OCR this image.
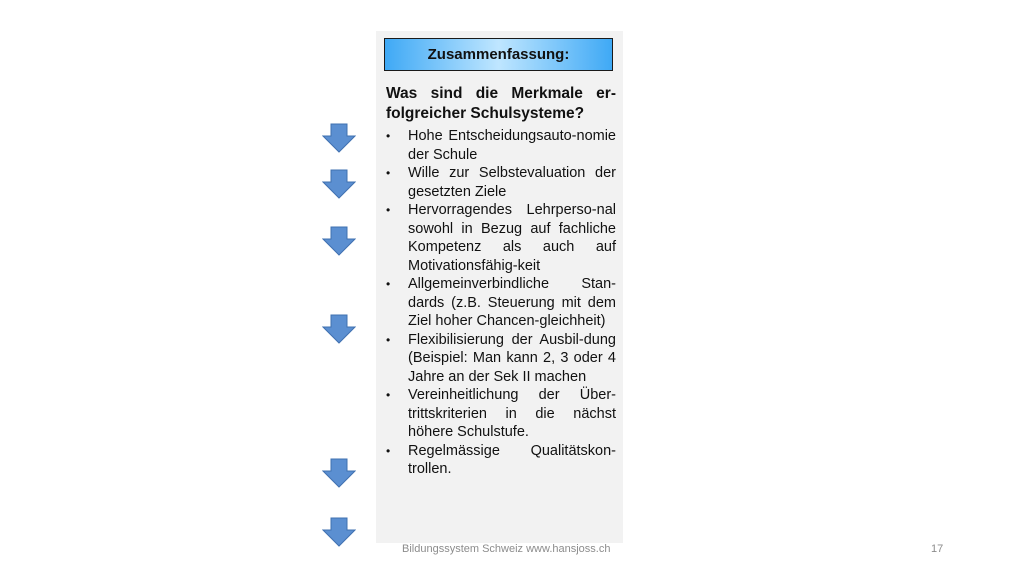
Zusammenfassung:
Was sind die Merkmale er-folgreicher Schulsysteme?
•	Hohe Entscheidungsauto-nomie der Schule
•	Wille zur Selbstevaluation der gesetzten Ziele
•	Hervorragendes Lehrperso-nal sowohl in Bezug auf fachliche Kompetenz als auch auf Motivationsfähig-keit
•	Allgemeinverbindliche Stan-dards (z.B. Steuerung mit dem Ziel hoher Chancen-gleichheit)
•	Flexibilisierung der Ausbil-dung (Beispiel: Man kann 2, 3 oder 4 Jahre an der Sek II machen
•	Vereinheitlichung der Über-trittskriterien in die nächst höhere Schulstufe.
•	Regelmässige Qualitätskon-trollen.
Bildungssystem Schweiz www.hansjoss.ch	17
